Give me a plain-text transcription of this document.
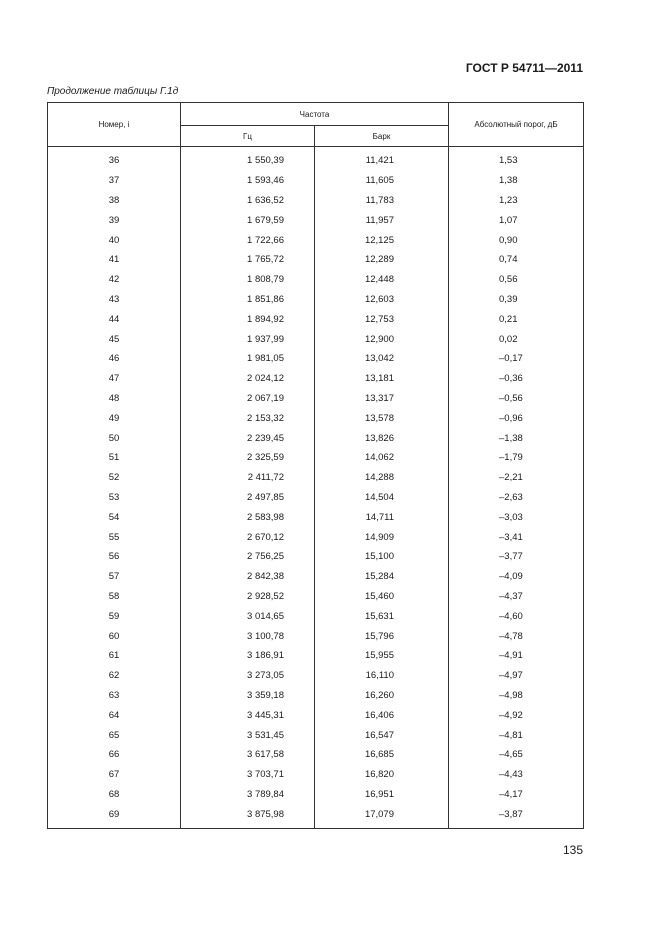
ГОСТ Р 54711—2011
Продолжение таблицы Г.1д
Номер, i	Частота		Абсолютный порог, дБ
	Гц	Барк	
36	1 550,39	11,421	1,53
37	1 593,46	11,605	1,38
38	1 636,52	11,783	1,23
39	1 679,59	11,957	1,07
40	1 722,66	12,125	0,90
41	1 765,72	12,289	0,74
42	1 808,79	12,448	0,56
43	1 851,86	12,603	0,39
44	1 894,92	12,753	0,21
45	1 937,99	12,900	0,02
46	1 981,05	13,042	–0,17
47	2 024,12	13,181	–0,36
48	2 067,19	13,317	–0,56
49	2 153,32	13,578	–0,96
50	2 239,45	13,826	–1,38
51	2 325,59	14,062	–1,79
52	2 411,72	14,288	–2,21
53	2 497,85	14,504	–2,63
54	2 583,98	14,711	–3,03
55	2 670,12	14,909	–3,41
56	2 756,25	15,100	–3,77
57	2 842,38	15,284	–4,09
58	2 928,52	15,460	–4,37
59	3 014,65	15,631	–4,60
60	3 100,78	15,796	–4,78
61	3 186,91	15,955	–4,91
62	3 273,05	16,110	–4,97
63	3 359,18	16,260	–4,98
64	3 445,31	16,406	–4,92
65	3 531,45	16,547	–4,81
66	3 617,58	16,685	–4,65
67	3 703,71	16,820	–4,43
68	3 789,84	16,951	–4,17
69	3 875,98	17,079	–3,87
135
